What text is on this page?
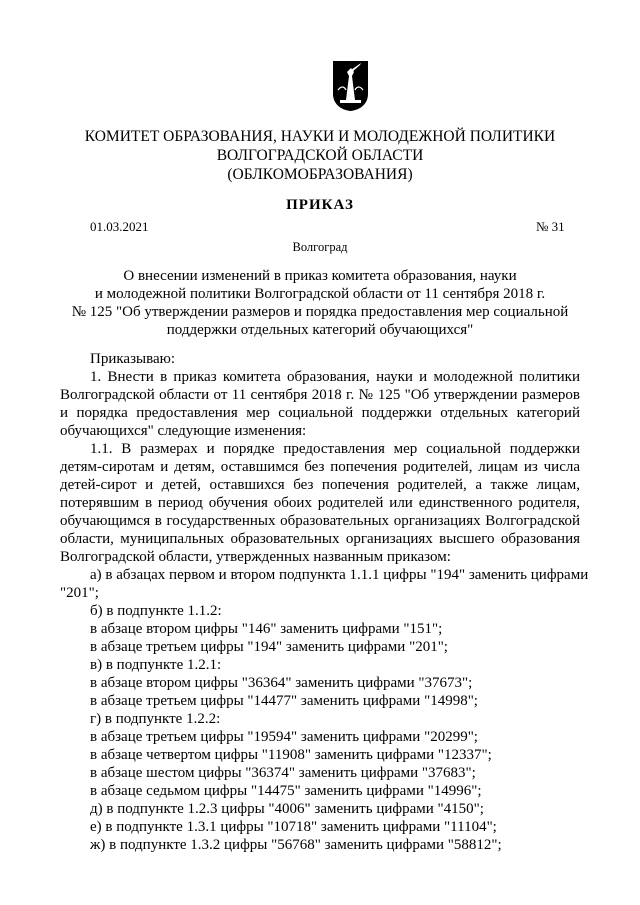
КОМИТЕТ ОБРАЗОВАНИЯ, НАУКИ И МОЛОДЕЖНОЙ ПОЛИТИКИ
ВОЛГОГРАДСКОЙ ОБЛАСТИ
(ОБЛКОМОБРАЗОВАНИЯ)
ПРИКАЗ
01.03.2021	№ 31
Волгоград
О внесении изменений в приказ комитета образования, науки
и молодежной политики Волгоградской области от 11 сентября 2018 г.
№ 125 "Об утверждении размеров и порядка предоставления мер социальной
поддержки отдельных категорий обучающихся"
Приказываю:
1. Внести в приказ комитета образования, науки и молодежной политики
Волгоградской области от 11 сентября 2018 г. № 125 "Об утверждении размеров
и порядка предоставления мер социальной поддержки отдельных категорий
обучающихся" следующие изменения:
1.1. В размерах и порядке предоставления мер социальной поддержки
детям-сиротам и детям, оставшимся без попечения родителей, лицам из числа
детей-сирот и детей, оставшихся без попечения родителей, а также лицам,
потерявшим в период обучения обоих родителей или единственного родителя,
обучающимся в государственных образовательных организациях Волгоградской
области, муниципальных образовательных организациях высшего образования
Волгоградской области, утвержденных названным приказом:
а) в абзацах первом и втором подпункта 1.1.1 цифры "194" заменить цифрами
"201";
б) в подпункте 1.1.2:
в абзаце втором цифры "146" заменить цифрами "151";
в абзаце третьем цифры "194" заменить цифрами "201";
в) в подпункте 1.2.1:
в абзаце втором цифры "36364" заменить цифрами "37673";
в абзаце третьем цифры "14477" заменить цифрами "14998";
г) в подпункте 1.2.2:
в абзаце третьем цифры "19594" заменить цифрами "20299";
в абзаце четвертом цифры "11908" заменить цифрами "12337";
в абзаце шестом цифры "36374" заменить цифрами "37683";
в абзаце седьмом цифры "14475" заменить цифрами "14996";
д) в подпункте 1.2.3 цифры "4006" заменить цифрами "4150";
е) в подпункте 1.3.1 цифры "10718" заменить цифрами "11104";
ж) в подпункте 1.3.2 цифры "56768" заменить цифрами "58812";
